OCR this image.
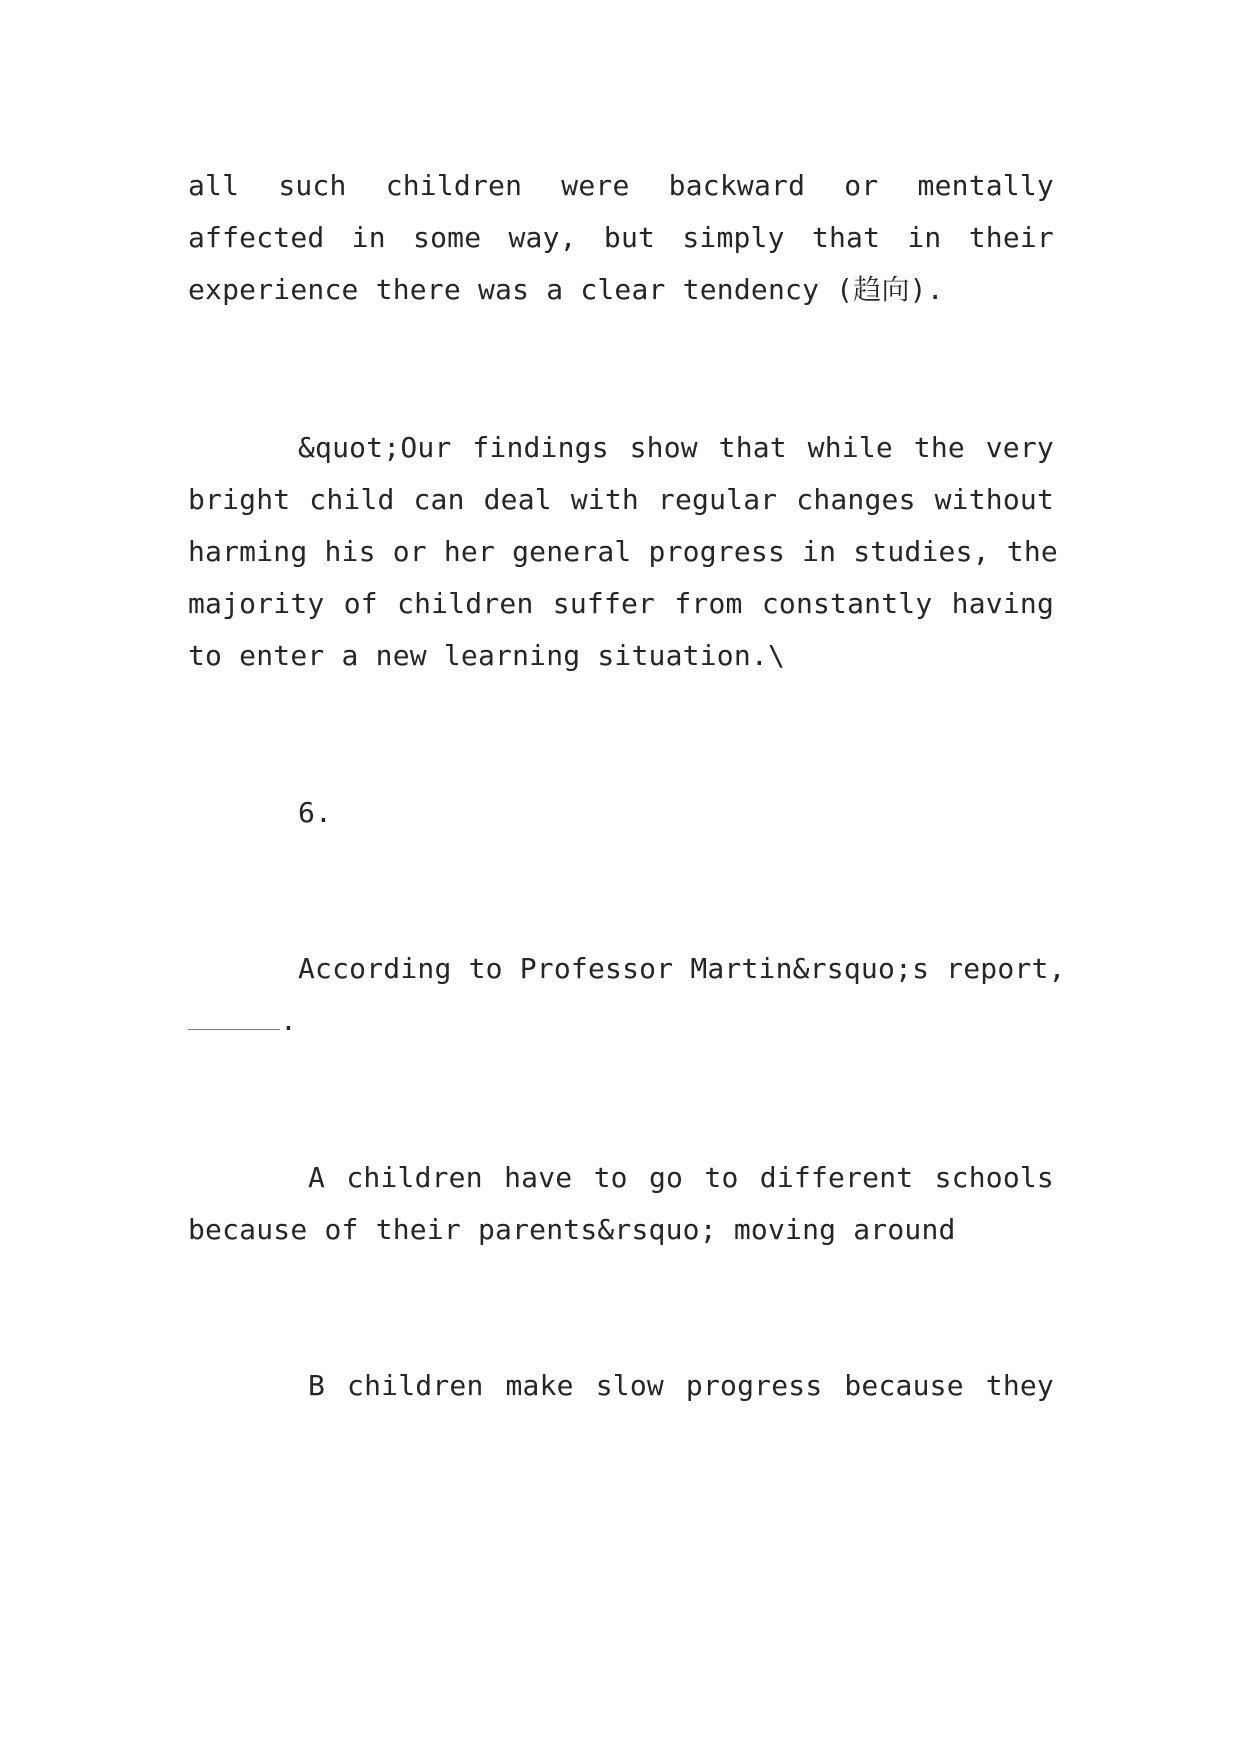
all such children were backward or mentally
affected in some way, but simply that in their
experience there was a clear tendency (趋向).
&quot;Our findings show that while the very
bright child can deal with regular changes without
harming his or her general progress in studies, the
majority of children suffer from constantly having
to enter a new learning situation.\
6.
According to Professor Martin&rsquo;s report,
.
A children have to go to different schools
because of their parents&rsquo; moving around
B children make slow progress because they
